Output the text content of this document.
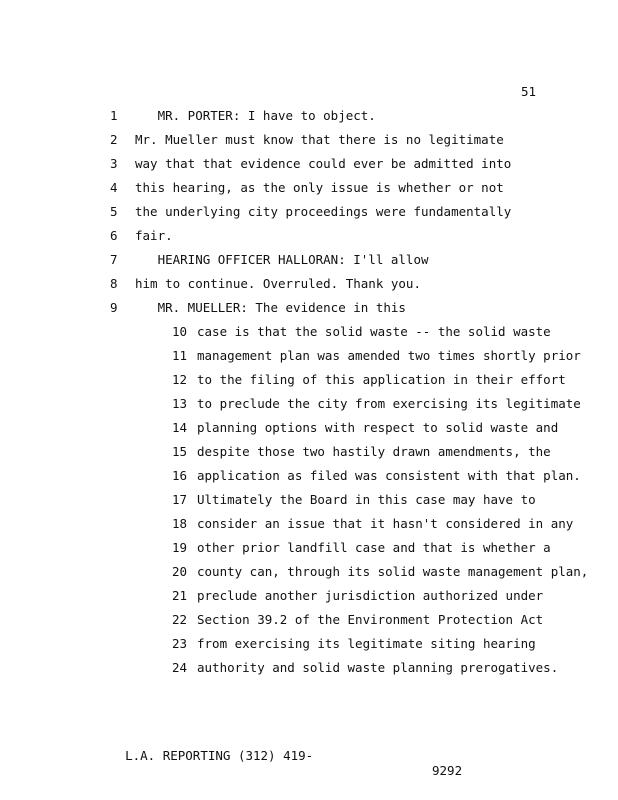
51
1	MR. PORTER: I have to object.
2 Mr. Mueller must know that there is no legitimate
3 way that that evidence could ever be admitted into
4 this hearing, as the only issue is whether or not
5 the underlying city proceedings were fundamentally
6 fair.
7	HEARING OFFICER HALLORAN: I'll allow
8 him to continue. Overruled. Thank you.
9	MR. MUELLER: The evidence in this
10 case is that the solid waste -- the solid waste
11 management plan was amended two times shortly prior
12 to the filing of this application in their effort
13 to preclude the city from exercising its legitimate
14 planning options with respect to solid waste and
15 despite those two hastily drawn amendments, the
16 application as filed was consistent with that plan.
17 Ultimately the Board in this case may have to
18 consider an issue that it hasn't considered in any
19 other prior landfill case and that is whether a
20 county can, through its solid waste management plan,
21 preclude another jurisdiction authorized under
22 Section 39.2 of the Environment Protection Act
23 from exercising its legitimate siting hearing
24 authority and solid waste planning prerogatives.

L.A. REPORTING (312) 419-

9292
